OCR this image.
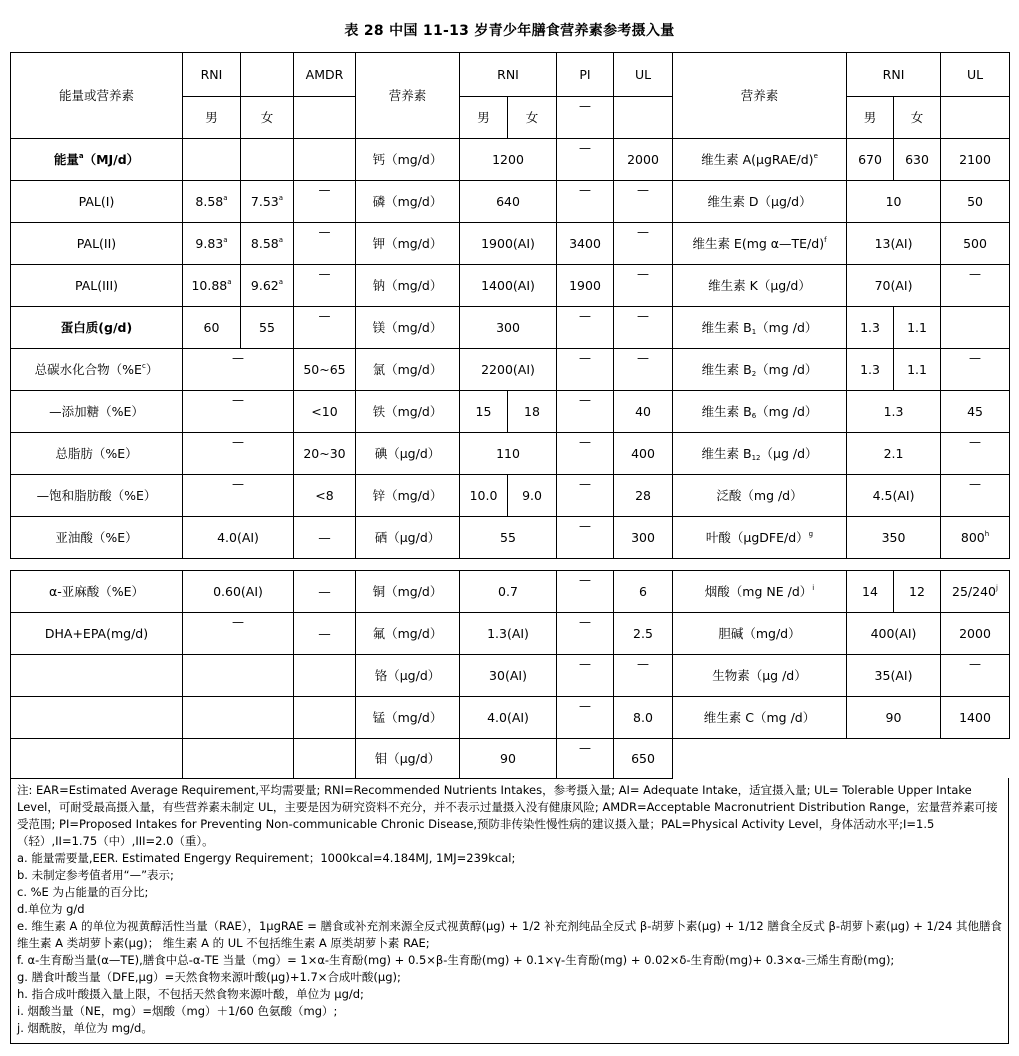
表 28 中国 11-13 岁青少年膳食营养素参考摄入量
能量或营养素	RNI		AMDR	营养素	RNI		PI	UL	营养素	RNI		UL
	男	女			男	女	—			男	女	
能量$^a$（MJ/d）				钙（mg/d）	1200	—		2000	维生素 A(μgRAE/d)$^e$	670	630	2100
PAL(I)	8.58$^a$	7.53$^a$	—	磷（mg/d）	640	—	—		维生素 D（μg/d）	10		50
PAL(II)	9.83$^a$	8.58$^a$	—	钾（mg/d）	1900(AI)		3400	—	维生素 E(mg α—TE/d)$^f$	13(AI)		500
PAL(III)	10.88$^a$	9.62$^a$	—	钠（mg/d）	1400(AI)		1900	—	维生素 K（μg/d）	70(AI)	—
蛋白质(g/d)	60	55	—	镁（mg/d）	300	—	—		维生素 $B_1(mg$ /d）	1.3	1.1	
总碳水化合物$(\%E^c)$	—		50~65	氯（mg/d）	2200(AI)	—	—		维生素 $B_2(mg$ /d）	1.3	1.1	—
—添加糖（%E）	—		<10	铁（mg/d）	15	18	—	40	维生素 $B_6(mg$ /d）	1.3		45
总脂肪（%E）	—		20~30	碘（μg/d）	110	—		400	维生素 $B_{12}(\mu g$ /d）	2.1	—
—饱和脂肪酸（%E）	—		<8	锌（mg/d）	10.0	9.0	—	28	泛酸（mg /d）	4.5(AI)	—
亚油酸（%E）	4.0(AI)		—	硒（μg/d）	55	—		300	叶酸（μgDFE/d）$^g$	350		800$^h$
α-亚麻酸（%E）	0.60(AI)	—	铜（mg/d）	0.7	—	6	烟酸（mg NE /d）$^i$	14	12	25/240$^j$
DHA+EPA(mg/d)	—	—	氟（mg/d）	1.3(AI)	—	2.5	胆碱（mg/d）	400(AI)		2000
			铬（μg/d）	30(AI)	—	—	生物素（μg /d）	35(AI)	—
			锰（mg/d）	4.0(AI)	—	8.0	维生素 C（mg /d）	90		1400
			钼（μg/d）	90	—	650				
注: EAR=Estimated Average Requirement,平均需要量; RNI=Recommended Nutrients Intakes，参考摄入量; AI= Adequate Intake，适宜摄入量; UL= Tolerable Upper Intake Level，可耐受最高摄入量，有些营养素未制定 UL，主要是因为研究资料不充分，并不表示过量摄入没有健康风险; AMDR=Acceptable Macronutrient Distribution Range，宏量营养素可接受范围; PI=Proposed Intakes for Preventing Non-communicable Chronic Disease,预防非传染性慢性病的建议摄入量；PAL=Physical Activity Level，身体活动水平;I=1.5（轻）,II=1.75（中）,III=2.0（重）。
a. 能量需要量,EER. Estimated Engergy Requirement；1000kcal=4.184MJ, 1MJ=239kcal;
b. 未制定参考值者用“—”表示;
c. %E 为占能量的百分比;
d.单位为 g/d
e. 维生素 A 的单位为视黄醇活性当量（RAE），1μgRAE = 膳食或补充剂来源全反式视黄醇(μg) + 1/2 补充剂纯品全反式 β-胡萝卜素(μg) + 1/12 膳食全反式 β-胡萝卜素(μg) + 1/24 其他膳食维生素 A 类胡萝卜素(μg)； 维生素 A 的 UL 不包括维生素 A 原类胡萝卜素 RAE;
f. α-生育酚当量(α—TE),膳食中总-α-TE 当量（mg）= 1×α-生育酚(mg) + 0.5×β-生育酚(mg) + 0.1×γ-生育酚(mg) + 0.02×δ-生育酚(mg)+ 0.3×α-三烯生育酚(mg);
g. 膳食叶酸当量（DFE,μg）=天然食物来源叶酸(μg)+1.7×合成叶酸(μg);
h. 指合成叶酸摄入量上限，不包括天然食物来源叶酸，单位为 μg/d;
i. 烟酸当量（NE，mg）=烟酸（mg）＋1/60 色氨酸（mg）;
j. 烟酰胺，单位为 mg/d。
